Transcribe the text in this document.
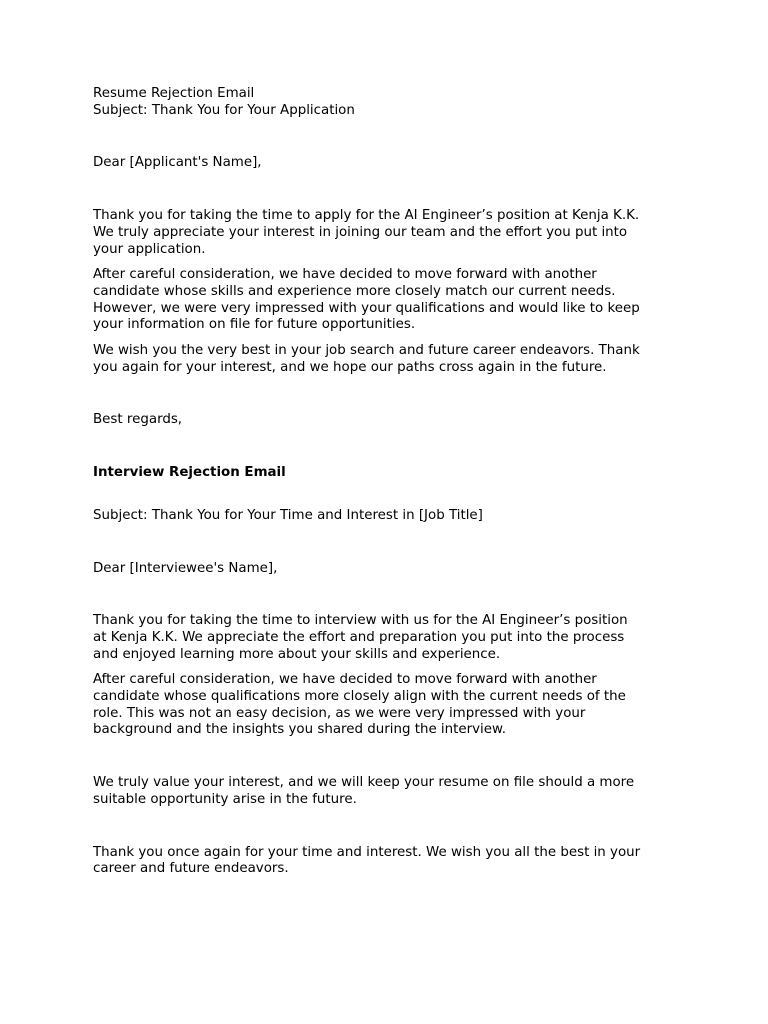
Resume Rejection Email
Subject: Thank You for Your Application
Dear [Applicant's Name],

Thank you for taking the time to apply for the AI Engineer’s position at Kenja K.K.
We truly appreciate your interest in joining our team and the effort you put into
your application.

After careful consideration, we have decided to move forward with another
candidate whose skills and experience more closely match our current needs.
However, we were very impressed with your qualifications and would like to keep
your information on file for future opportunities.

We wish you the very best in your job search and future career endeavors. Thank
you again for your interest, and we hope our paths cross again in the future.

Best regards,
Interview Rejection Email
Subject: Thank You for Your Time and Interest in [Job Title]
Dear [Interviewee's Name],

Thank you for taking the time to interview with us for the AI Engineer’s position
at Kenja K.K. We appreciate the effort and preparation you put into the process
and enjoyed learning more about your skills and experience.

After careful consideration, we have decided to move forward with another
candidate whose qualifications more closely align with the current needs of the
role. This was not an easy decision, as we were very impressed with your
background and the insights you shared during the interview.

We truly value your interest, and we will keep your resume on file should a more
suitable opportunity arise in the future.

Thank you once again for your time and interest. We wish you all the best in your
career and future endeavors.
